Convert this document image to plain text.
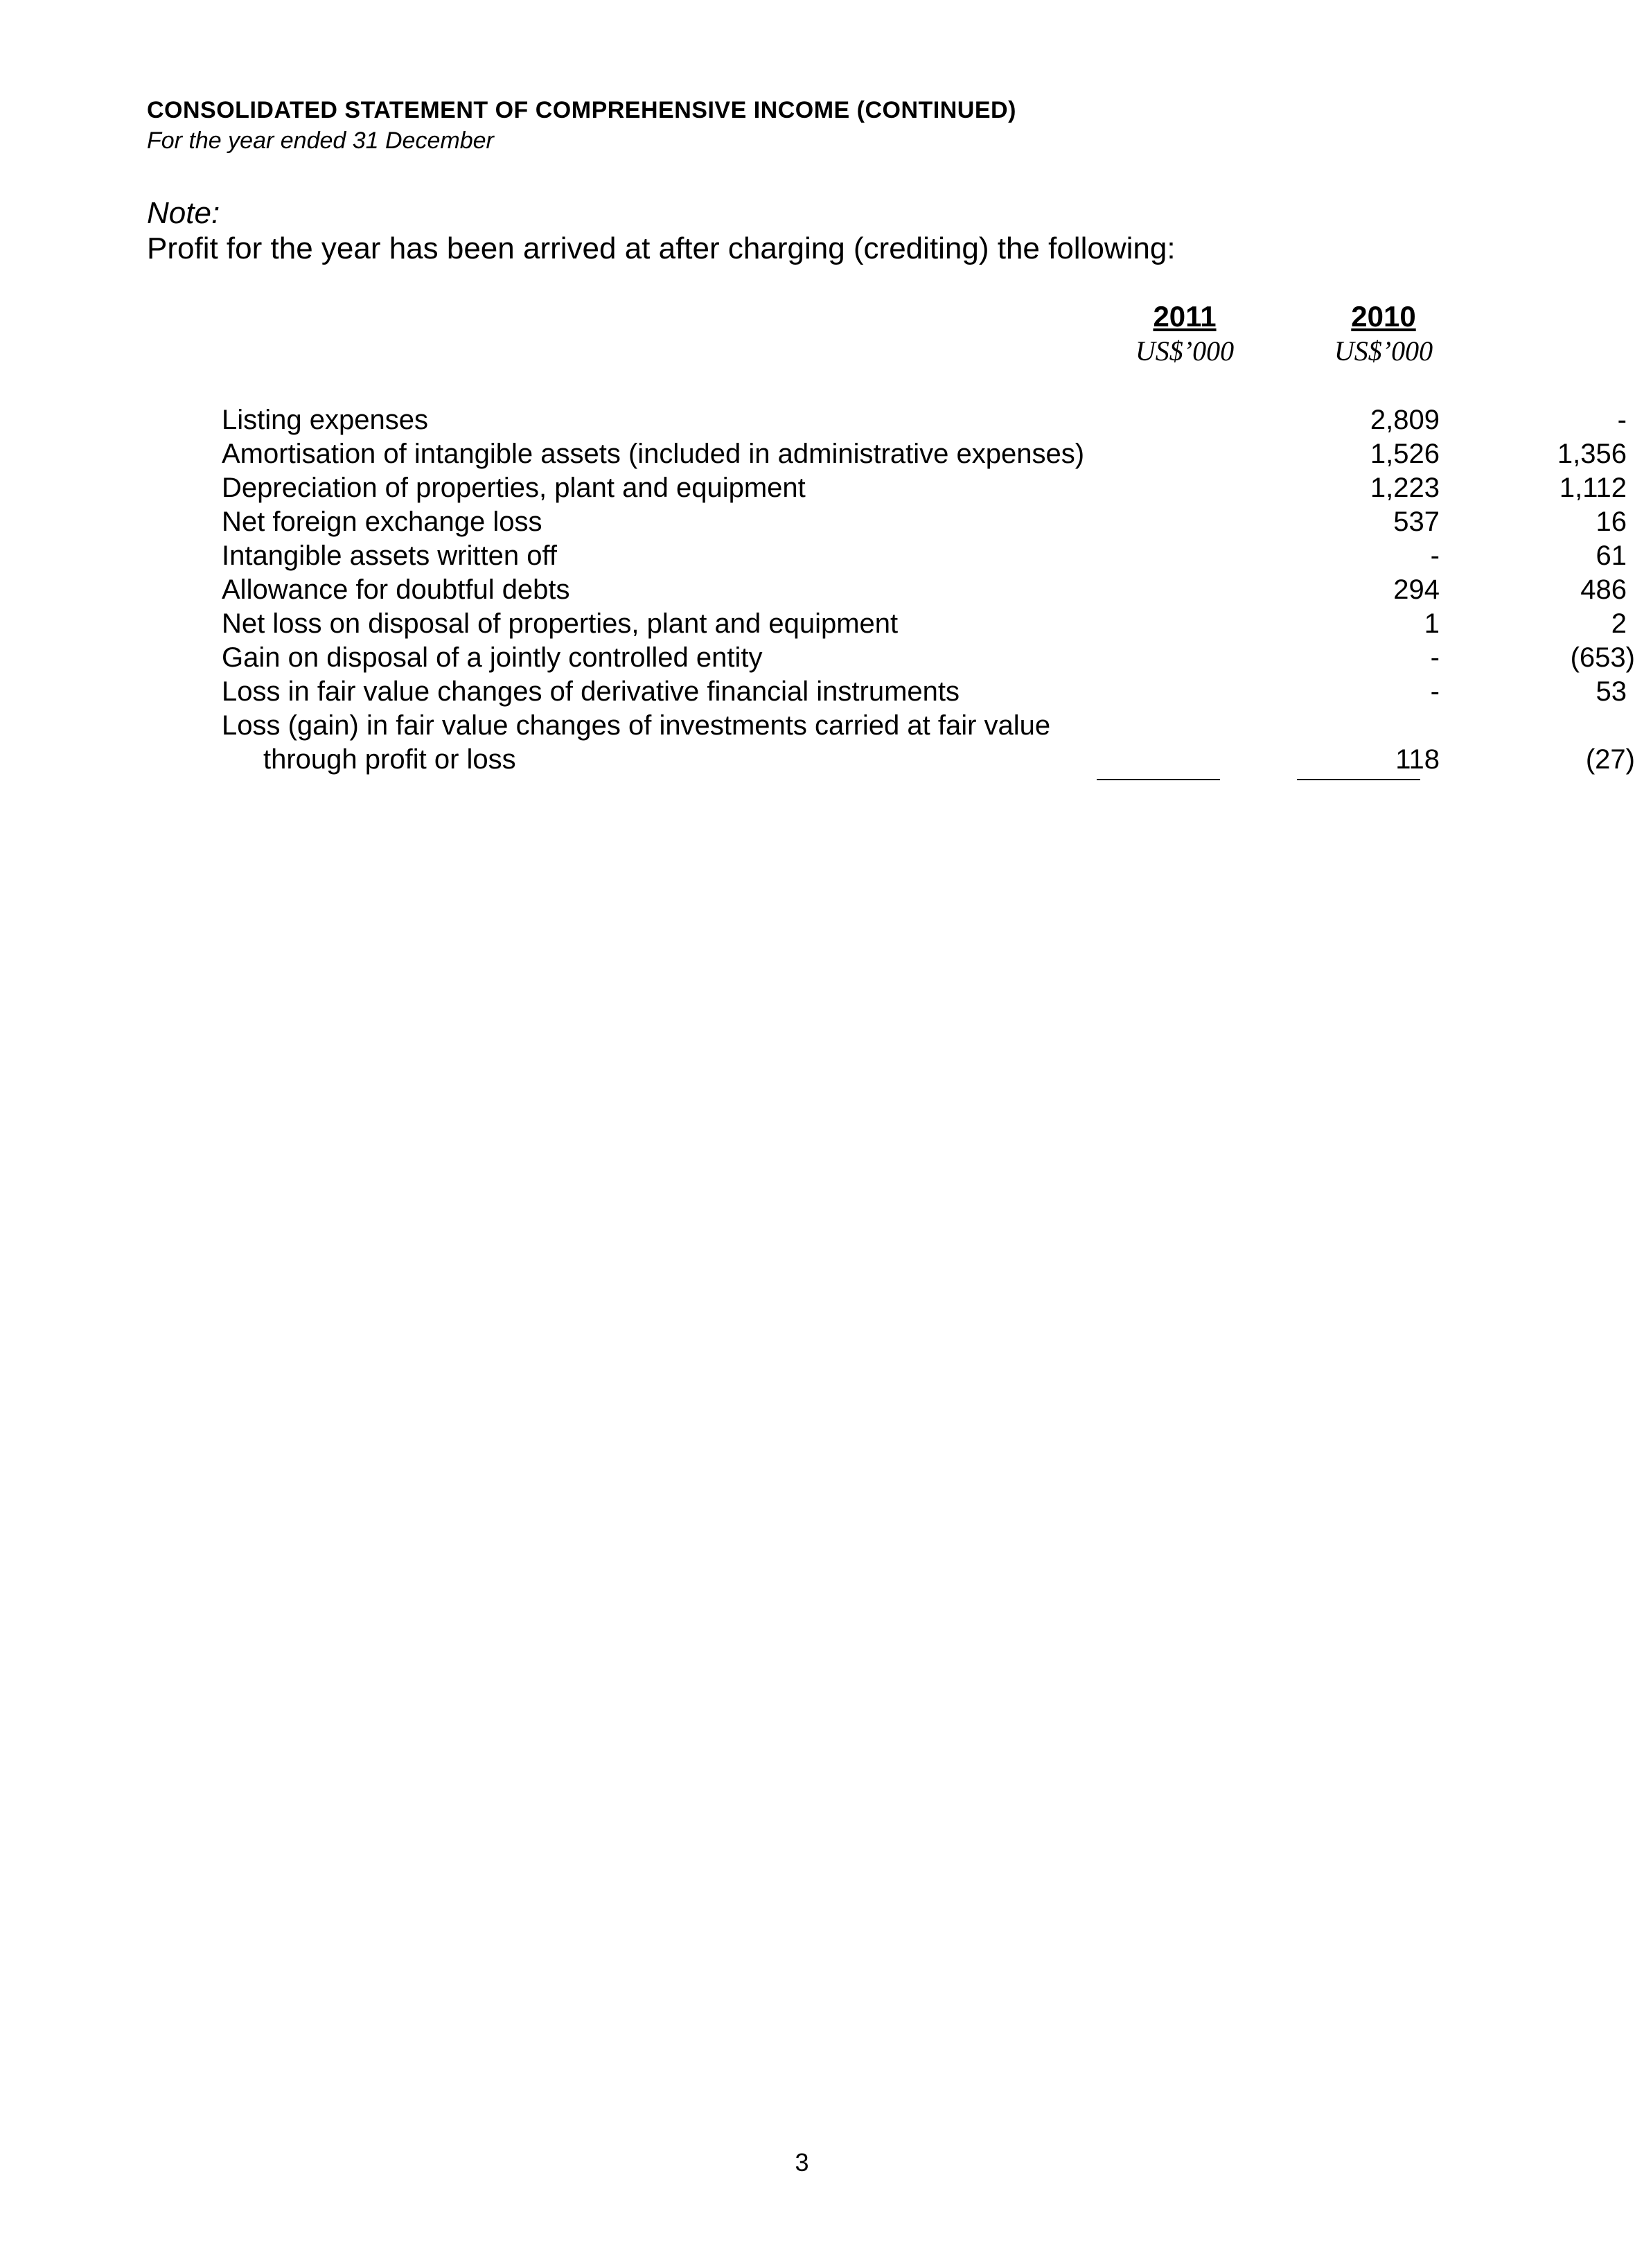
CONSOLIDATED STATEMENT OF COMPREHENSIVE INCOME (CONTINUED)
For the year ended 31 December
Note:
Profit for the year has been arrived at after charging (crediting) the following:
2011
US$’000
2010
US$’000
Listing expenses	2,809	-
Amortisation of intangible assets (included in administrative expenses)	1,526	1,356
Depreciation of properties, plant and equipment	1,223	1,112
Net foreign exchange loss	537	16
Intangible assets written off	-	61
Allowance for doubtful debts	294	486
Net loss on disposal of properties, plant and equipment	1	2
Gain on disposal of a jointly controlled entity	-	(653)
Loss in fair value changes of derivative financial instruments	-	53
Loss (gain) in fair value changes of investments carried at fair value
through profit or loss	118	(27)
3
